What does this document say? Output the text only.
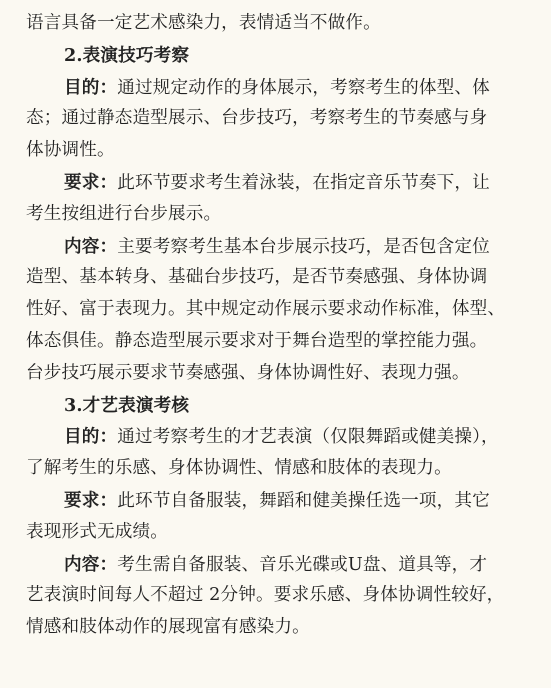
语言具备一定艺术感染力，表情适当不做作。
2.表演技巧考察
目的：通过规定动作的身体展示，考察考生的体型、体
态；通过静态造型展示、台步技巧，考察考生的节奏感与身
体协调性。
要求：此环节要求考生着泳装，在指定音乐节奏下，让
考生按组进行台步展示。
内容：主要考察考生基本台步展示技巧，是否包含定位
造型、基本转身、基础台步技巧，是否节奏感强、身体协调
性好、富于表现力。其中规定动作展示要求动作标准，体型、
体态俱佳。静态造型展示要求对于舞台造型的掌控能力强。
台步技巧展示要求节奏感强、身体协调性好、表现力强。
3.才艺表演考核
目的：通过考察考生的才艺表演（仅限舞蹈或健美操），
了解考生的乐感、身体协调性、情感和肢体的表现力。
要求：此环节自备服装，舞蹈和健美操任选一项，其它
表现形式无成绩。
内容：考生需自备服装、音乐光碟或U盘、道具等，才
艺表演时间每人不超过 2分钟。要求乐感、身体协调性较好，
情感和肢体动作的展现富有感染力。
